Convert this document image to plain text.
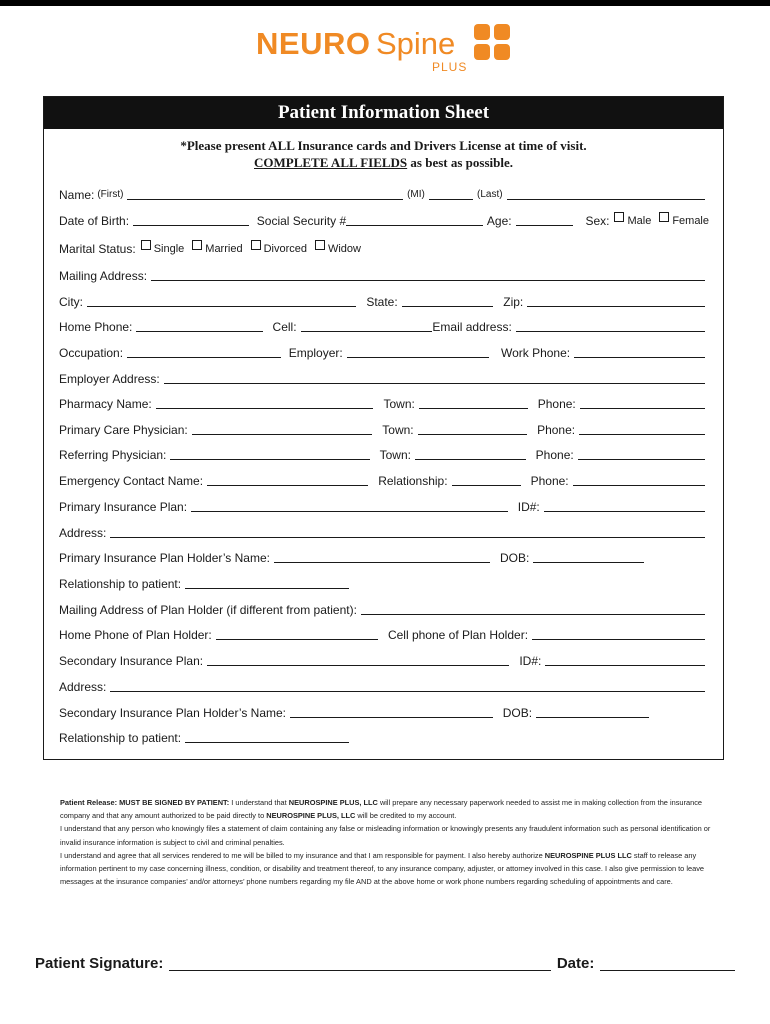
NEURO Spine
PLUS
Patient Information Sheet
*Please present ALL Insurance cards and Drivers License at time of visit.
COMPLETE ALL FIELDS as best as possible.
Name: (First)	(MI)	(Last)
Date of Birth:	Social Security #	Age:	Sex: Male Female
Marital Status: Single Married Divorced Widow
Mailing Address:
City:	State:	Zip:
Home Phone:	Cell:	Email address:
Occupation:	Employer:	Work Phone:
Employer Address:
Pharmacy Name:	Town:	Phone:
Primary Care Physician:	Town:	Phone:
Referring Physician:	Town:	Phone:
Emergency Contact Name:	Relationship:	Phone:
Primary Insurance Plan:	ID#:
Address:
Primary Insurance Plan Holder’s Name:	DOB:
Relationship to patient:
Mailing Address of Plan Holder (if different from patient):
Home Phone of Plan Holder:	Cell phone of Plan Holder:
Secondary Insurance Plan:	ID#:
Address:
Secondary Insurance Plan Holder’s Name:	DOB:
Relationship to patient:
Patient Release: MUST BE SIGNED BY PATIENT: I understand that NEUROSPINE PLUS, LLC will prepare any necessary paperwork needed to assist me in making collection from the insurance company and that any amount authorized to be paid directly to NEUROSPINE PLUS, LLC will be credited to my account.
I understand that any person who knowingly files a statement of claim containing any false or misleading information or knowingly presents any fraudulent information such as personal identification or invalid insurance information is subject to civil and criminal penalties.
I understand and agree that all services rendered to me will be billed to my insurance and that I am responsible for payment. I also hereby authorize NEUROSPINE PLUS LLC staff to release any information pertinent to my case concerning illness, condition, or disability and treatment thereof, to any insurance company, adjuster, or attorney involved in this case. I also give permission to leave messages at the insurance companies’ and/or attorneys’ phone numbers regarding my file AND at the above home or work phone numbers regarding scheduling of appointments and care.
Patient Signature:	Date:
